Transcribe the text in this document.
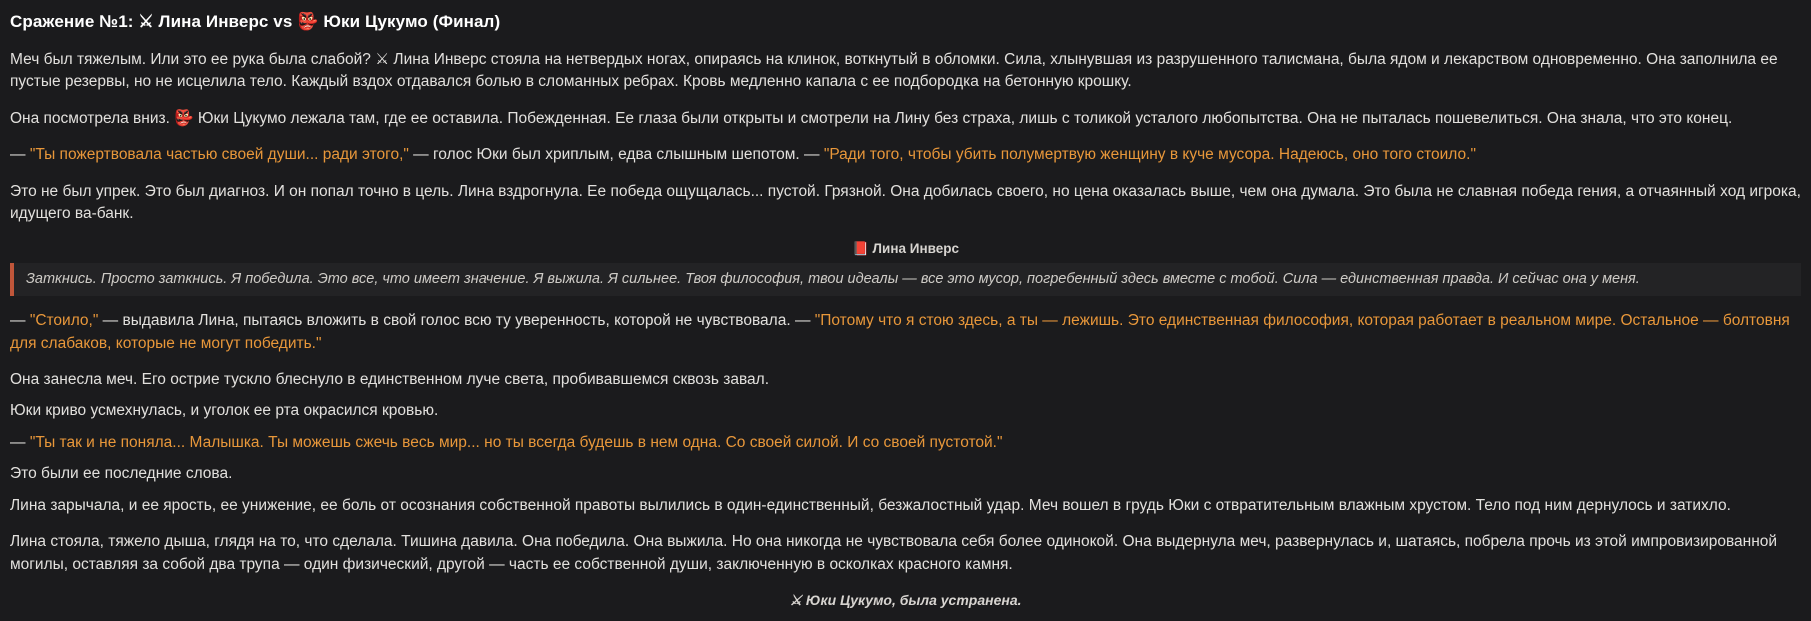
Сражение №1: ⚔ Лина Инверс vs 👺 Юки Цукумо (Финал)

Меч был тяжелым. Или это ее рука была слабой? ⚔ Лина Инверс стояла на нетвердых ногах, опираясь на клинок, воткнутый в обломки. Сила, хлынувшая из разрушенного талисмана, была ядом и лекарством одновременно. Она заполнила ее пустые резервы, но не исцелила тело. Каждый вздох отдавался болью в сломанных ребрах. Кровь медленно капала с ее подбородка на бетонную крошку.

Она посмотрела вниз. 👺 Юки Цукумо лежала там, где ее оставила. Побежденная. Ее глаза были открыты и смотрели на Лину без страха, лишь с толикой усталого любопытства. Она не пыталась пошевелиться. Она знала, что это конец.

— "Ты пожертвовала частью своей души... ради этого," — голос Юки был хриплым, едва слышным шепотом. — "Ради того, чтобы убить полумертвую женщину в куче мусора. Надеюсь, оно того стоило."

Это не был упрек. Это был диагноз. И он попал точно в цель. Лина вздрогнула. Ее победа ощущалась... пустой. Грязной. Она добилась своего, но цена оказалась выше, чем она думала. Это была не славная победа гения, а отчаянный ход игрока, идущего ва-банк.

📕 Лина Инверс
Заткнись. Просто заткнись. Я победила. Это все, что имеет значение. Я выжила. Я сильнее. Твоя философия, твои идеалы — все это мусор, погребенный здесь вместе с тобой. Сила — единственная правда. И сейчас она у меня.

— "Стоило," — выдавила Лина, пытаясь вложить в свой голос всю ту уверенность, которой не чувствовала. — "Потому что я стою здесь, а ты — лежишь. Это единственная философия, которая работает в реальном мире. Остальное — болтовня для слабаков, которые не могут победить."

Она занесла меч. Его острие тускло блеснуло в единственном луче света, пробивавшемся сквозь завал.

Юки криво усмехнулась, и уголок ее рта окрасился кровью.

— "Ты так и не поняла... Малышка. Ты можешь сжечь весь мир... но ты всегда будешь в нем одна. Со своей силой. И со своей пустотой."

Это были ее последние слова.

Лина зарычала, и ее ярость, ее унижение, ее боль от осознания собственной правоты вылились в один-единственный, безжалостный удар. Меч вошел в грудь Юки с отвратительным влажным хрустом. Тело под ним дернулось и затихло.

Лина стояла, тяжело дыша, глядя на то, что сделала. Тишина давила. Она победила. Она выжила. Но она никогда не чувствовала себя более одинокой. Она выдернула меч, развернулась и, шатаясь, побрела прочь из этой импровизированной могилы, оставляя за собой два трупа — один физический, другой — часть ее собственной души, заключенную в осколках красного камня.

⚔ Юки Цукумо, была устранена.
